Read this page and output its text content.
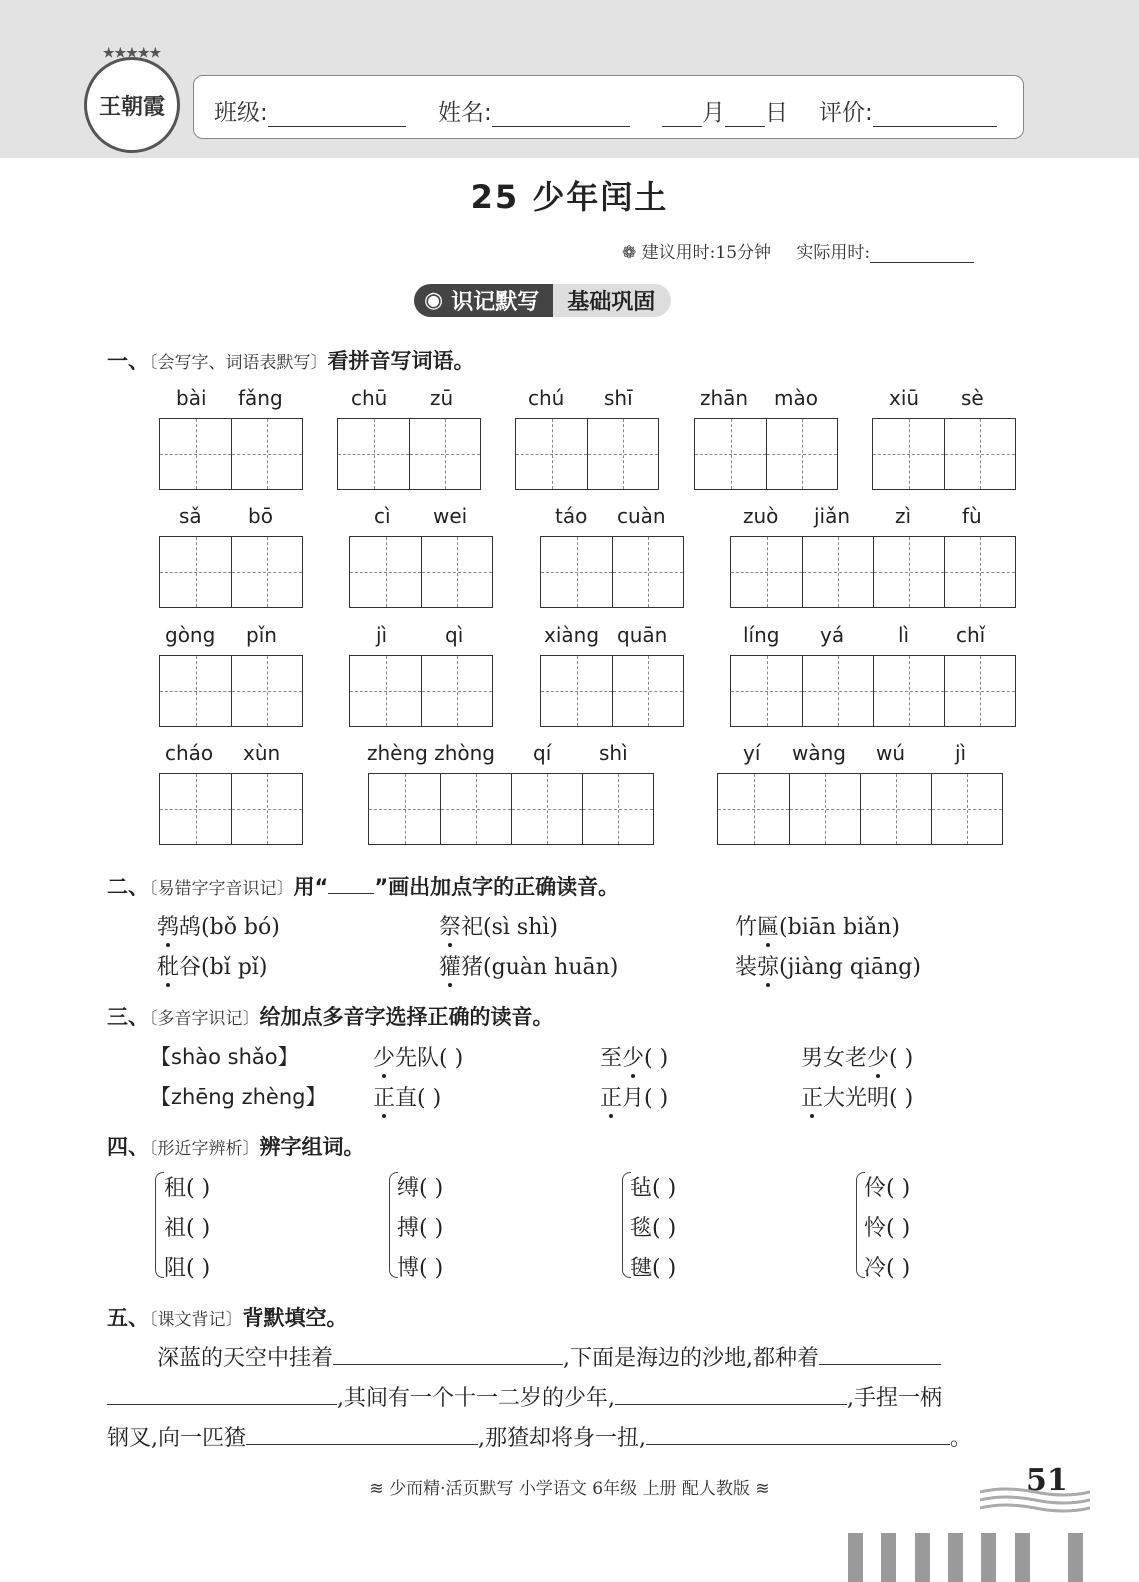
★★★★★
王朝霞 班级:	姓名:	月 日 评价:
25 少年闰土
❁ 建议用时:15分钟 实际用时:
◉ 识记默写	基础巩固
一、〔会写字、词语表默写〕看拼音写词语。
bài fǎng	chū zū	chú shī	zhān mào	xiū sè
sǎ bō	cì wei	táo cuàn	zuò jiǎn zì	fù
gòng pǐn	jì	qì	xiàng quān	líng yá	lì chǐ
cháo xùn	zhèng zhòng qí shì	yí wàng wú jì
二、〔易错字字音识记〕用“ ”画出加点字的正确读音。
鹁鸪(bǒ bó)	祭祀(sì shì)	竹匾(biān biǎn)
秕谷(bǐ pǐ)	獾猪(guàn huān)	装弶(jiàng qiāng)
三、〔多音字识记〕给加点多音字选择正确的读音。
【shào shǎo】	少先队( )	至少( )	男女老少( )
【zhēng zhèng】 正直( )	正月( )	正大光明( )
四、〔形近字辨析〕辨字组词。
租( )
祖( )
阻( )
缚( )
搏( )
博( )
毡( )
毯( )
毽( )
伶( )
怜( )
冷( )
五、〔课文背记〕背默填空。
深蓝的天空中挂着	,下面是海边的沙地,都种着
,其间有一个十一二岁的少年,	,手捏一柄
钢叉,向一匹猹	,那猹却将身一扭,	。
≋ 少而精·活页默写 小学语文 6年级 上册 配人教版 ≋	51
